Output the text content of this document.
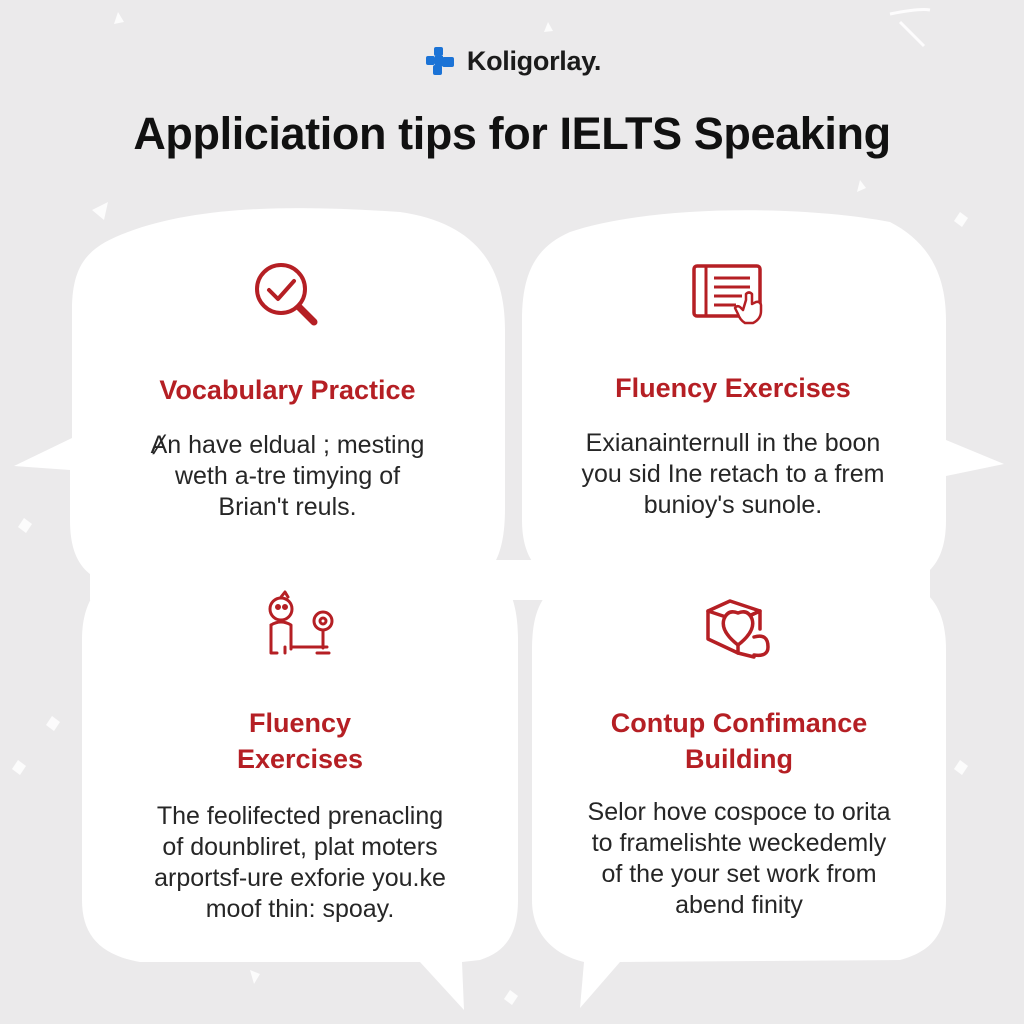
Koligorlay.
Appliciation tips for IELTS Speaking
Vocabulary Practice
Ⱥn have eldual ; mesting
weth a-tre timying of
Brian't reuls.
Fluency Exercises
Exianainternull in the boon
you sid Ine retach to a frem
bunioy's sunole.
Fluency
Exercises
The feolifected prenacling
of dounbliret, plat moters
arportsf-ure exforie you.ke
moof thin: spoay.
Contup Confimance
Building
Selor hove cospoce to orita
to framelishte weckedemly
of the your set work from
abend finity
